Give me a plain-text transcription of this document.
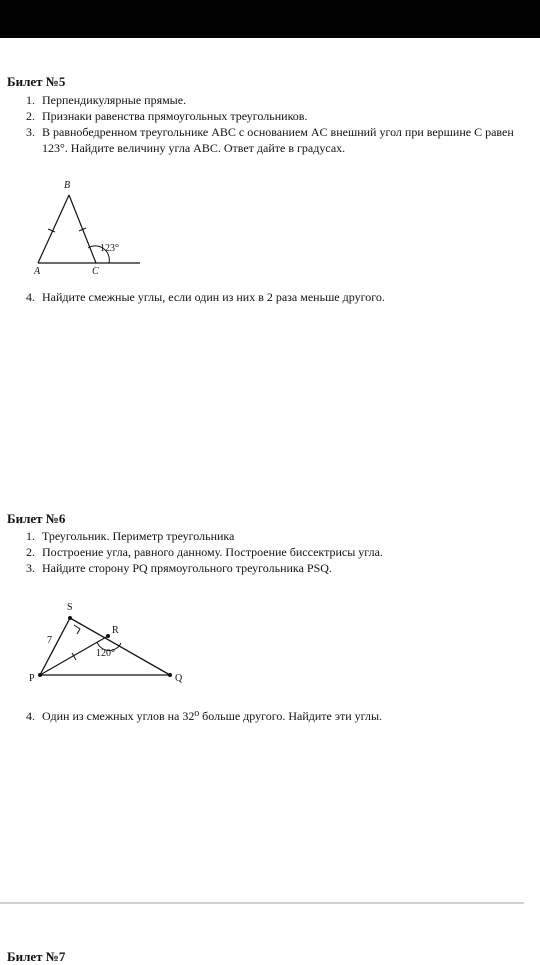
Билет №5
1. Перпендикулярные прямые.
2. Признаки равенства прямоугольных треугольников.
3. В равнобедренном треугольнике ABC с основанием AC внешний угол при вершине C равен 123°. Найдите величину угла ABC. Ответ дайте в градусах.
B
A	C
123°
4. Найдите смежные углы, если один из них в 2 раза меньше другого.
Билет №6
1. Треугольник. Периметр треугольника
2. Построение угла, равного данному. Построение биссектрисы угла.
3. Найдите сторону PQ прямоугольного треугольника PSQ.
S
R
P	Q
7
120°
4. Один из смежных углов на 32⁰ больше другого. Найдите эти углы.
Билет №7
